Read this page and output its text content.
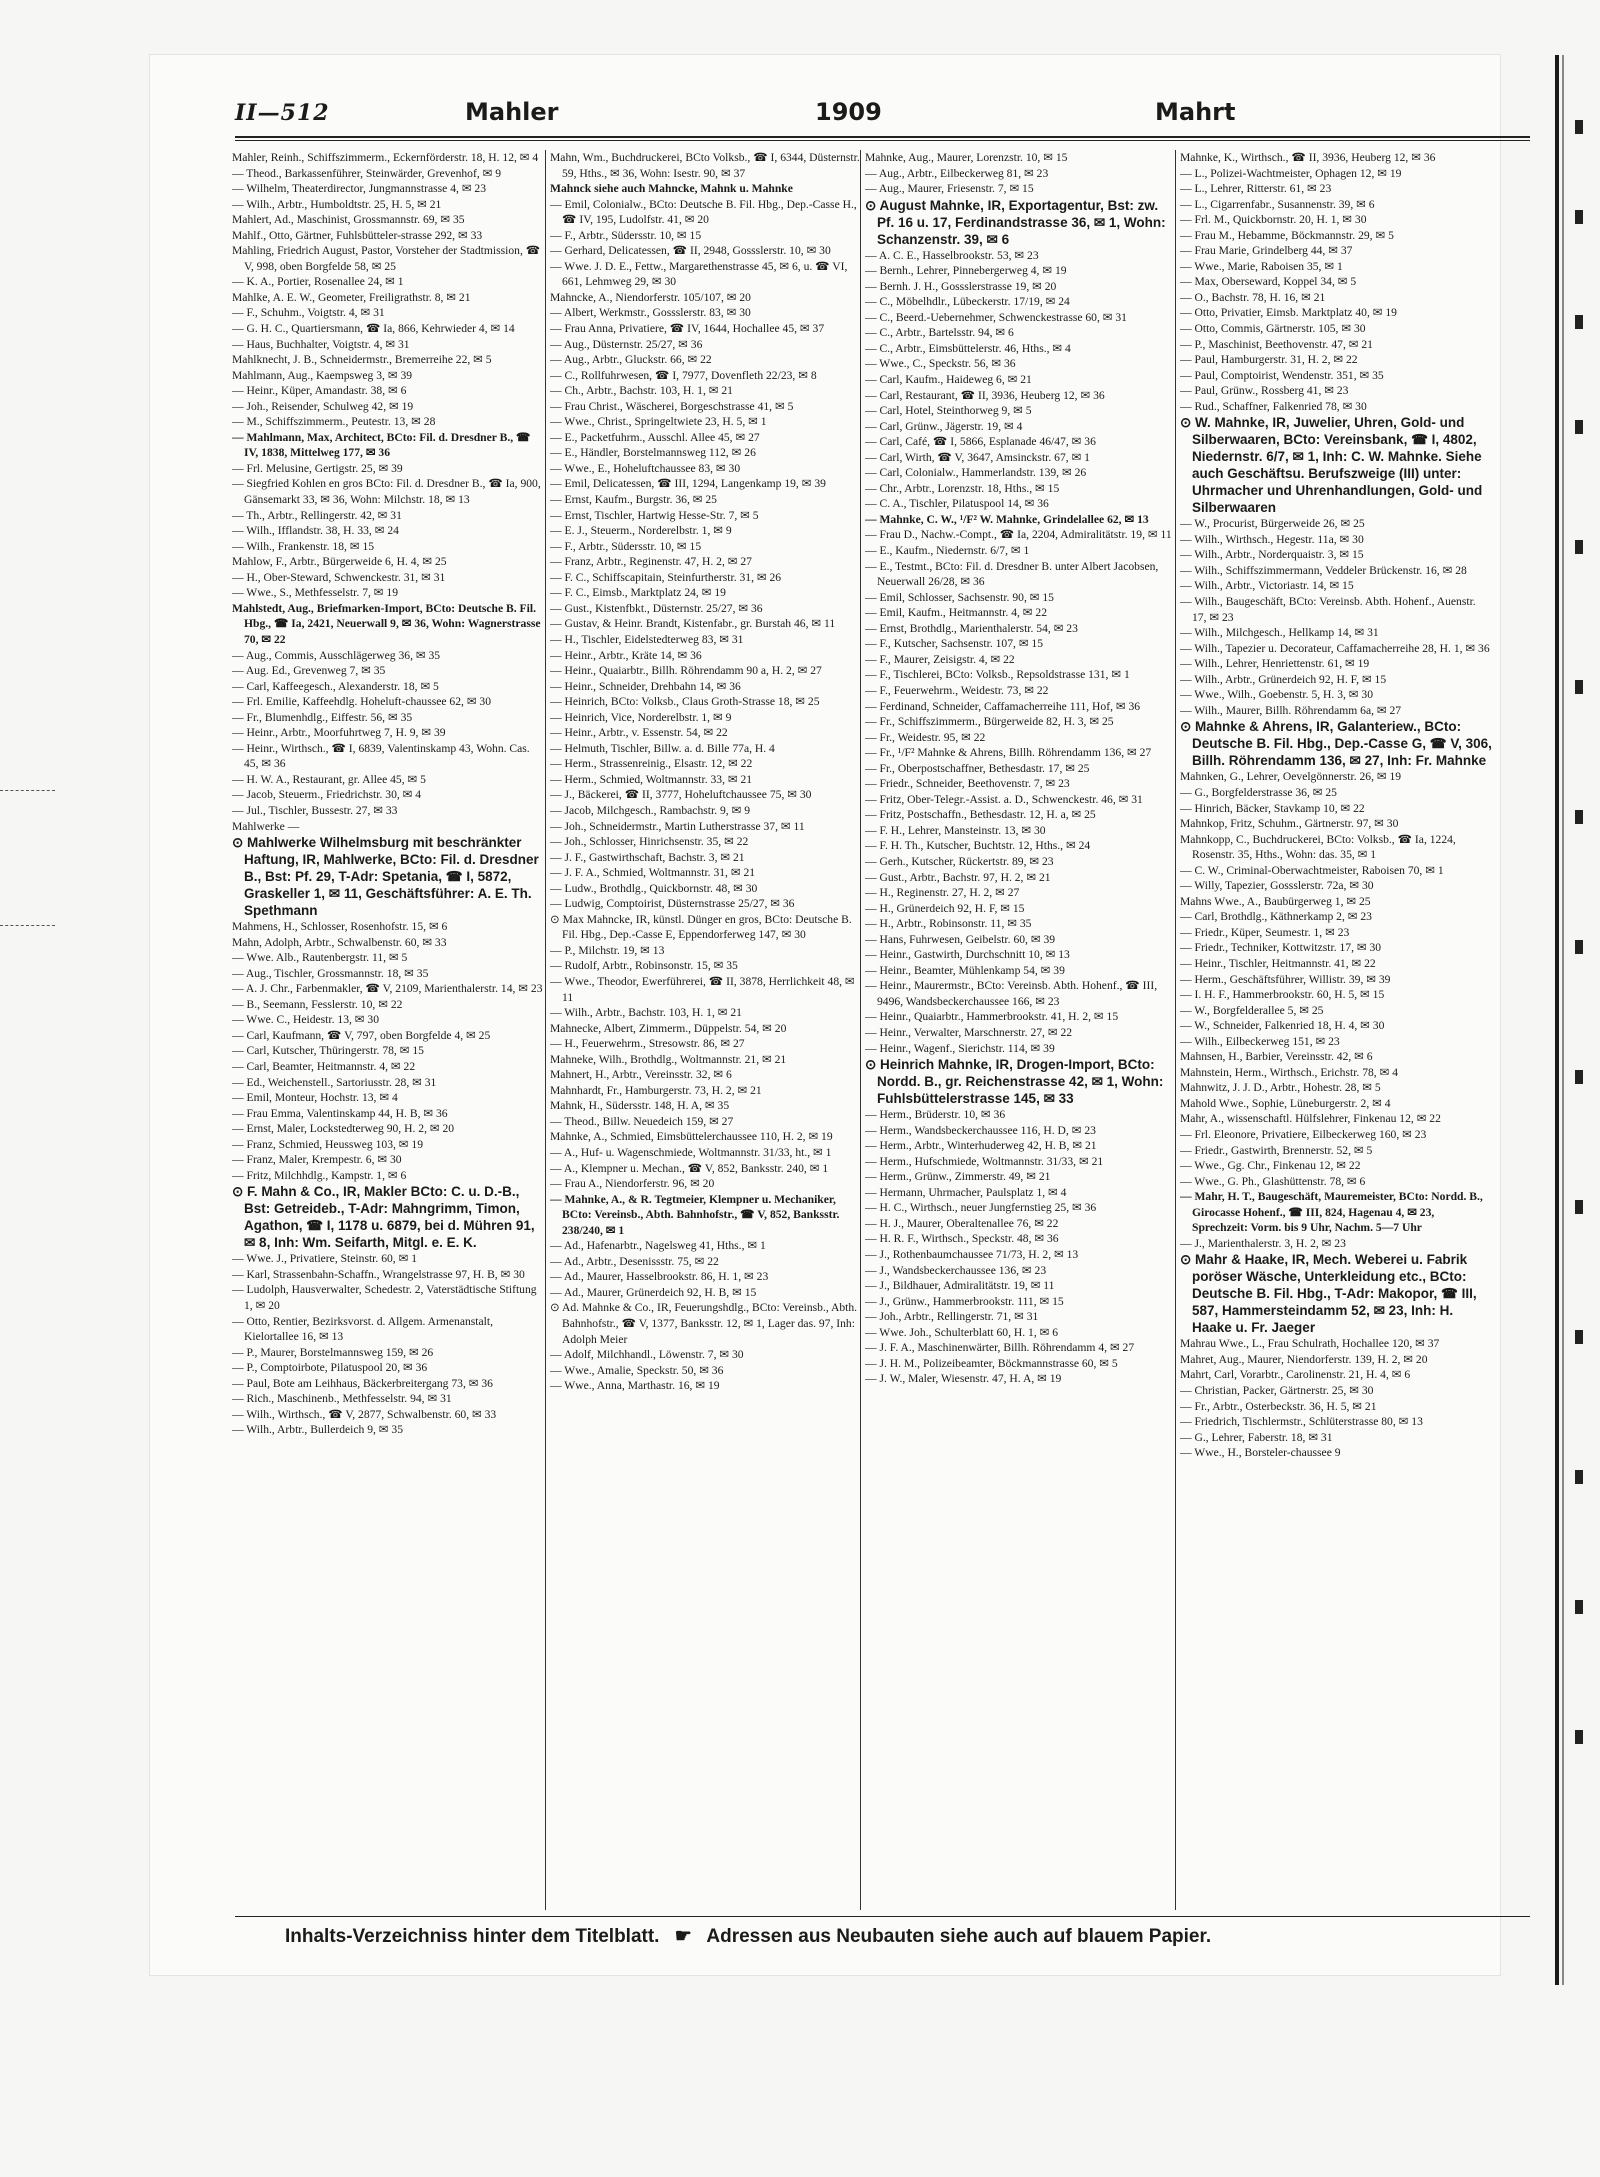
II—512	Mahler	1909	Mahrt
Mahler, Reinh., Schiffszimmerm., Eckernförderstr. 18, H. 12, ✉ 4
— Theod., Barkassenführer, Steinwärder, Grevenhof, ✉ 9
— Wilhelm, Theaterdirector, Jungmannstrasse 4, ✉ 23
— Wilh., Arbtr., Humboldtstr. 25, H. 5, ✉ 21
Mahlert, Ad., Maschinist, Grossmannstr. 69, ✉ 35
Mahlf., Otto, Gärtner, Fuhlsbütteler-strasse 292, ✉ 33
Mahling, Friedrich August, Pastor, Vorsteher der Stadtmission, ☎ V, 998, oben Borgfelde 58, ✉ 25
— K. A., Portier, Rosenallee 24, ✉ 1
Mahlke, A. E. W., Geometer, Freiligrathstr. 8, ✉ 21
— F., Schuhm., Voigtstr. 4, ✉ 31
— G. H. C., Quartiersmann, ☎ Ia, 866, Kehrwieder 4, ✉ 14
— Haus, Buchhalter, Voigtstr. 4, ✉ 31
Mahlknecht, J. B., Schneidermstr., Bremerreihe 22, ✉ 5
Mahlmann, Aug., Kaempsweg 3, ✉ 39
— Heinr., Küper, Amandastr. 38, ✉ 6
— Joh., Reisender, Schulweg 42, ✉ 19
— M., Schiffszimmerm., Peutestr. 13, ✉ 28
— Mahlmann, Max, Architect, BCto: Fil. d. Dresdner B., ☎ IV, 1838, Mittelweg 177, ✉ 36
— Frl. Melusine, Gertigstr. 25, ✉ 39
— Siegfried Kohlen en gros BCto: Fil. d. Dresdner B., ☎ Ia, 900, Gänsemarkt 33, ✉ 36, Wohn: Milchstr. 18, ✉ 13
— Th., Arbtr., Rellingerstr. 42, ✉ 31
— Wilh., Ifflandstr. 38, H. 33, ✉ 24
— Wilh., Frankenstr. 18, ✉ 15
Mahlow, F., Arbtr., Bürgerweide 6, H. 4, ✉ 25
— H., Ober-Steward, Schwenckestr. 31, ✉ 31
— Wwe., S., Methfesselstr. 7, ✉ 19
Mahlstedt, Aug., Briefmarken-Import, BCto: Deutsche B. Fil. Hbg., ☎ Ia, 2421, Neuerwall 9, ✉ 36, Wohn: Wagnerstrasse 70, ✉ 22
— Aug., Commis, Ausschlägerweg 36, ✉ 35
— Aug. Ed., Grevenweg 7, ✉ 35
— Carl, Kaffeegesch., Alexanderstr. 18, ✉ 5
— Frl. Emilie, Kaffeehdlg. Hoheluft-chaussee 62, ✉ 30
— Fr., Blumenhdlg., Eiffestr. 56, ✉ 35
— Heinr., Arbtr., Moorfuhrtweg 7, H. 9, ✉ 39
— Heinr., Wirthsch., ☎ I, 6839, Valentinskamp 43, Wohn. Cas. 45, ✉ 36
— H. W. A., Restaurant, gr. Allee 45, ✉ 5
— Jacob, Steuerm., Friedrichstr. 30, ✉ 4
— Jul., Tischler, Bussestr. 27, ✉ 33
Mahlwerke —
⊙ Mahlwerke Wilhelmsburg mit beschränkter Haftung, IR, Mahlwerke, BCto: Fil. d. Dresdner B., Bst: Pf. 29, T-Adr: Spetania, ☎ I, 5872, Graskeller 1, ✉ 11, Geschäftsführer: A. E. Th. Spethmann
Mahmens, H., Schlosser, Rosenhofstr. 15, ✉ 6
Mahn, Adolph, Arbtr., Schwalbenstr. 60, ✉ 33
— Wwe. Alb., Rautenbergstr. 11, ✉ 5
— Aug., Tischler, Grossmannstr. 18, ✉ 35
— A. J. Chr., Farbenmakler, ☎ V, 2109, Marienthalerstr. 14, ✉ 23
— B., Seemann, Fesslerstr. 10, ✉ 22
— Wwe. C., Heidestr. 13, ✉ 30
— Carl, Kaufmann, ☎ V, 797, oben Borgfelde 4, ✉ 25
— Carl, Kutscher, Thüringerstr. 78, ✉ 15
— Carl, Beamter, Heitmannstr. 4, ✉ 22
— Ed., Weichenstell., Sartoriusstr. 28, ✉ 31
— Emil, Monteur, Hochstr. 13, ✉ 4
— Frau Emma, Valentinskamp 44, H. B, ✉ 36
— Ernst, Maler, Lockstedterweg 90, H. 2, ✉ 20
— Franz, Schmied, Heussweg 103, ✉ 19
— Franz, Maler, Krempestr. 6, ✉ 30
— Fritz, Milchhdlg., Kampstr. 1, ✉ 6
⊙ F. Mahn & Co., IR, Makler BCto: C. u. D.-B., Bst: Getreideb., T-Adr: Mahngrimm, Timon, Agathon, ☎ I, 1178 u. 6879, bei d. Mühren 91, ✉ 8, Inh: Wm. Seifarth, Mitgl. e. E. K.
— Wwe. J., Privatiere, Steinstr. 60, ✉ 1
— Karl, Strassenbahn-Schaffn., Wrangelstrasse 97, H. B, ✉ 30
— Ludolph, Hausverwalter, Schedestr. 2, Vaterstädtische Stiftung 1, ✉ 20
— Otto, Rentier, Bezirksvorst. d. Allgem. Armenanstalt, Kielortallee 16, ✉ 13
— P., Maurer, Borstelmannsweg 159, ✉ 26
— P., Comptoirbote, Pilatuspool 20, ✉ 36
— Paul, Bote am Leihhaus, Bäckerbreitergang 73, ✉ 36
— Rich., Maschinenb., Methfesselstr. 94, ✉ 31
— Wilh., Wirthsch., ☎ V, 2877, Schwalbenstr. 60, ✉ 33
— Wilh., Arbtr., Bullerdeich 9, ✉ 35
Mahn, Wm., Buchdruckerei, BCto Volksb., ☎ I, 6344, Düsternstr. 59, Hths., ✉ 36, Wohn: Isestr. 90, ✉ 37
Mahnck siehe auch Mahncke, Mahnk u. Mahnke
— Emil, Colonialw., BCto: Deutsche B. Fil. Hbg., Dep.-Casse H., ☎ IV, 195, Ludolfstr. 41, ✉ 20
— F., Arbtr., Südersstr. 10, ✉ 15
— Gerhard, Delicatessen, ☎ II, 2948, Gossslerstr. 10, ✉ 30
— Wwe. J. D. E., Fettw., Margarethenstrasse 45, ✉ 6, u. ☎ VI, 661, Lehmweg 29, ✉ 30
Mahncke, A., Niendorferstr. 105/107, ✉ 20
— Albert, Werkmstr., Gossslerstr. 83, ✉ 30
— Frau Anna, Privatiere, ☎ IV, 1644, Hochallee 45, ✉ 37
— Aug., Düsternstr. 25/27, ✉ 36
— Aug., Arbtr., Gluckstr. 66, ✉ 22
— C., Rollfuhrwesen, ☎ I, 7977, Dovenfleth 22/23, ✉ 8
— Ch., Arbtr., Bachstr. 103, H. 1, ✉ 21
— Frau Christ., Wäscherei, Borgeschstrasse 41, ✉ 5
— Wwe., Christ., Springeltwiete 23, H. 5, ✉ 1
— E., Packetfuhrm., Ausschl. Allee 45, ✉ 27
— E., Händler, Borstelmannsweg 112, ✉ 26
— Wwe., E., Hoheluftchaussee 83, ✉ 30
— Emil, Delicatessen, ☎ III, 1294, Langenkamp 19, ✉ 39
— Ernst, Kaufm., Burgstr. 36, ✉ 25
— Ernst, Tischler, Hartwig Hesse-Str. 7, ✉ 5
— E. J., Steuerm., Norderelbstr. 1, ✉ 9
— F., Arbtr., Südersstr. 10, ✉ 15
— Franz, Arbtr., Reginenstr. 47, H. 2, ✉ 27
— F. C., Schiffscapitain, Steinfurtherstr. 31, ✉ 26
— F. C., Eimsb., Marktplatz 24, ✉ 19
— Gust., Kistenfbkt., Düsternstr. 25/27, ✉ 36
— Gustav, & Heinr. Brandt, Kistenfabr., gr. Burstah 46, ✉ 11
— H., Tischler, Eidelstedterweg 83, ✉ 31
— Heinr., Arbtr., Kräte 14, ✉ 36
— Heinr., Quaiarbtr., Billh. Röhrendamm 90 a, H. 2, ✉ 27
— Heinr., Schneider, Drehbahn 14, ✉ 36
— Heinrich, BCto: Volksb., Claus Groth-Strasse 18, ✉ 25
— Heinrich, Vice, Norderelbstr. 1, ✉ 9
— Heinr., Arbtr., v. Essenstr. 54, ✉ 22
— Helmuth, Tischler, Billw. a. d. Bille 77a, H. 4
— Herm., Strassenreinig., Elsastr. 12, ✉ 22
— Herm., Schmied, Woltmannstr. 33, ✉ 21
— J., Bäckerei, ☎ II, 3777, Hoheluftchaussee 75, ✉ 30
— Jacob, Milchgesch., Rambachstr. 9, ✉ 9
— Joh., Schneidermstr., Martin Lutherstrasse 37, ✉ 11
— Joh., Schlosser, Hinrichsenstr. 35, ✉ 22
— J. F., Gastwirthschaft, Bachstr. 3, ✉ 21
— J. F. A., Schmied, Woltmannstr. 31, ✉ 21
— Ludw., Brothdlg., Quickbornstr. 48, ✉ 30
— Ludwig, Comptoirist, Düsternstrasse 25/27, ✉ 36
⊙ Max Mahncke, IR, künstl. Dünger en gros, BCto: Deutsche B. Fil. Hbg., Dep.-Casse E, Eppendorferweg 147, ✉ 30
— P., Milchstr. 19, ✉ 13
— Rudolf, Arbtr., Robinsonstr. 15, ✉ 35
— Wwe., Theodor, Ewerführerei, ☎ II, 3878, Herrlichkeit 48, ✉ 11
— Wilh., Arbtr., Bachstr. 103, H. 1, ✉ 21
Mahnecke, Albert, Zimmerm., Düppelstr. 54, ✉ 20
— H., Feuerwehrm., Stresowstr. 86, ✉ 27
Mahneke, Wilh., Brothdlg., Woltmannstr. 21, ✉ 21
Mahnert, H., Arbtr., Vereinsstr. 32, ✉ 6
Mahnhardt, Fr., Hamburgerstr. 73, H. 2, ✉ 21
Mahnk, H., Südersstr. 148, H. A, ✉ 35
— Theod., Billw. Neuedeich 159, ✉ 27
Mahnke, A., Schmied, Eimsbüttelerchaussee 110, H. 2, ✉ 19
— A., Huf- u. Wagenschmiede, Woltmannstr. 31/33, ht., ✉ 1
— A., Klempner u. Mechan., ☎ V, 852, Banksstr. 240, ✉ 1
— Frau A., Niendorferstr. 96, ✉ 20
— Mahnke, A., & R. Tegtmeier, Klempner u. Mechaniker, BCto: Vereinsb., Abth. Bahnhofstr., ☎ V, 852, Banksstr. 238/240, ✉ 1
— Ad., Hafenarbtr., Nagelsweg 41, Hths., ✉ 1
— Ad., Arbtr., Desenissstr. 75, ✉ 22
— Ad., Maurer, Hasselbrookstr. 86, H. 1, ✉ 23
— Ad., Maurer, Grünerdeich 92, H. B, ✉ 15
⊙ Ad. Mahnke & Co., IR, Feuerungshdlg., BCto: Vereinsb., Abth. Bahnhofstr., ☎ V, 1377, Banksstr. 12, ✉ 1, Lager das. 97, Inh: Adolph Meier
— Adolf, Milchhandl., Löwenstr. 7, ✉ 30
— Wwe., Amalie, Speckstr. 50, ✉ 36
— Wwe., Anna, Marthastr. 16, ✉ 19
Mahnke, Aug., Maurer, Lorenzstr. 10, ✉ 15
— Aug., Arbtr., Eilbeckerweg 81, ✉ 23
— Aug., Maurer, Friesenstr. 7, ✉ 15
⊙ August Mahnke, IR, Exportagentur, Bst: zw. Pf. 16 u. 17, Ferdinandstrasse 36, ✉ 1, Wohn: Schanzenstr. 39, ✉ 6
— A. C. E., Hasselbrookstr. 53, ✉ 23
— Bernh., Lehrer, Pinnebergerweg 4, ✉ 19
— Bernh. J. H., Gossslerstrasse 19, ✉ 20
— C., Möbelhdlr., Lübeckerstr. 17/19, ✉ 24
— C., Beerd.-Uebernehmer, Schwenckestrasse 60, ✉ 31
— C., Arbtr., Bartelsstr. 94, ✉ 6
— C., Arbtr., Eimsbüttelerstr. 46, Hths., ✉ 4
— Wwe., C., Speckstr. 56, ✉ 36
— Carl, Kaufm., Haideweg 6, ✉ 21
— Carl, Restaurant, ☎ II, 3936, Heuberg 12, ✉ 36
— Carl, Hotel, Steinthorweg 9, ✉ 5
— Carl, Grünw., Jägerstr. 19, ✉ 4
— Carl, Café, ☎ I, 5866, Esplanade 46/47, ✉ 36
— Carl, Wirth, ☎ V, 3647, Amsinckstr. 67, ✉ 1
— Carl, Colonialw., Hammerlandstr. 139, ✉ 26
— Chr., Arbtr., Lorenzstr. 18, Hths., ✉ 15
— C. A., Tischler, Pilatuspool 14, ✉ 36
— Mahnke, C. W., ¹/F² W. Mahnke, Grindelallee 62, ✉ 13
— Frau D., Nachw.-Compt., ☎ Ia, 2204, Admiralitätstr. 19, ✉ 11
— E., Kaufm., Niedernstr. 6/7, ✉ 1
— E., Testmt., BCto: Fil. d. Dresdner B. unter Albert Jacobsen, Neuerwall 26/28, ✉ 36
— Emil, Schlosser, Sachsenstr. 90, ✉ 15
— Emil, Kaufm., Heitmannstr. 4, ✉ 22
— Ernst, Brothdlg., Marienthalerstr. 54, ✉ 23
— F., Kutscher, Sachsenstr. 107, ✉ 15
— F., Maurer, Zeisigstr. 4, ✉ 22
— F., Tischlerei, BCto: Volksb., Repsoldstrasse 131, ✉ 1
— F., Feuerwehrm., Weidestr. 73, ✉ 22
— Ferdinand, Schneider, Caffamacherreihe 111, Hof, ✉ 36
— Fr., Schiffszimmerm., Bürgerweide 82, H. 3, ✉ 25
— Fr., Weidestr. 95, ✉ 22
— Fr., ¹/F² Mahnke & Ahrens, Billh. Röhrendamm 136, ✉ 27
— Fr., Oberpostschaffner, Bethesdastr. 17, ✉ 25
— Friedr., Schneider, Beethovenstr. 7, ✉ 23
— Fritz, Ober-Telegr.-Assist. a. D., Schwenckestr. 46, ✉ 31
— Fritz, Postschaffn., Bethesdastr. 12, H. a, ✉ 25
— F. H., Lehrer, Mansteinstr. 13, ✉ 30
— F. H. Th., Kutscher, Buchtstr. 12, Hths., ✉ 24
— Gerh., Kutscher, Rückertstr. 89, ✉ 23
— Gust., Arbtr., Bachstr. 97, H. 2, ✉ 21
— H., Reginenstr. 27, H. 2, ✉ 27
— H., Grünerdeich 92, H. F, ✉ 15
— H., Arbtr., Robinsonstr. 11, ✉ 35
— Hans, Fuhrwesen, Geibelstr. 60, ✉ 39
— Heinr., Gastwirth, Durchschnitt 10, ✉ 13
— Heinr., Beamter, Mühlenkamp 54, ✉ 39
— Heinr., Maurermstr., BCto: Vereinsb. Abth. Hohenf., ☎ III, 9496, Wandsbeckerchaussee 166, ✉ 23
— Heinr., Quaiarbtr., Hammerbrookstr. 41, H. 2, ✉ 15
— Heinr., Verwalter, Marschnerstr. 27, ✉ 22
— Heinr., Wagenf., Sierichstr. 114, ✉ 39
⊙ Heinrich Mahnke, IR, Drogen-Import, BCto: Nordd. B., gr. Reichenstrasse 42, ✉ 1, Wohn: Fuhlsbüttelerstrasse 145, ✉ 33
— Herm., Brüderstr. 10, ✉ 36
— Herm., Wandsbeckerchaussee 116, H. D, ✉ 23
— Herm., Arbtr., Winterhuderweg 42, H. B, ✉ 21
— Herm., Hufschmiede, Woltmannstr. 31/33, ✉ 21
— Herm., Grünw., Zimmerstr. 49, ✉ 21
— Hermann, Uhrmacher, Paulsplatz 1, ✉ 4
— H. C., Wirthsch., neuer Jungfernstieg 25, ✉ 36
— H. J., Maurer, Oberaltenallee 76, ✉ 22
— H. R. F., Wirthsch., Speckstr. 48, ✉ 36
— J., Rothenbaumchaussee 71/73, H. 2, ✉ 13
— J., Wandsbeckerchaussee 136, ✉ 23
— J., Bildhauer, Admiralitätstr. 19, ✉ 11
— J., Grünw., Hammerbrookstr. 111, ✉ 15
— Joh., Arbtr., Rellingerstr. 71, ✉ 31
— Wwe. Joh., Schulterblatt 60, H. 1, ✉ 6
— J. F. A., Maschinenwärter, Billh. Röhrendamm 4, ✉ 27
— J. H. M., Polizeibeamter, Böckmannstrasse 60, ✉ 5
— J. W., Maler, Wiesenstr. 47, H. A, ✉ 19
Mahnke, K., Wirthsch., ☎ II, 3936, Heuberg 12, ✉ 36
— L., Polizei-Wachtmeister, Ophagen 12, ✉ 19
— L., Lehrer, Ritterstr. 61, ✉ 23
— L., Cigarrenfabr., Susannenstr. 39, ✉ 6
— Frl. M., Quickbornstr. 20, H. 1, ✉ 30
— Frau M., Hebamme, Böckmannstr. 29, ✉ 5
— Frau Marie, Grindelberg 44, ✉ 37
— Wwe., Marie, Raboisen 35, ✉ 1
— Max, Oberseward, Koppel 34, ✉ 5
— O., Bachstr. 78, H. 16, ✉ 21
— Otto, Privatier, Eimsb. Marktplatz 40, ✉ 19
— Otto, Commis, Gärtnerstr. 105, ✉ 30
— P., Maschinist, Beethovenstr. 47, ✉ 21
— Paul, Hamburgerstr. 31, H. 2, ✉ 22
— Paul, Comptoirist, Wendenstr. 351, ✉ 35
— Paul, Grünw., Rossberg 41, ✉ 23
— Rud., Schaffner, Falkenried 78, ✉ 30
⊙ W. Mahnke, IR, Juwelier, Uhren, Gold- und Silberwaaren, BCto: Vereinsbank, ☎ I, 4802, Niedernstr. 6/7, ✉ 1, Inh: C. W. Mahnke. Siehe auch Geschäftsu. Berufszweige (III) unter: Uhrmacher und Uhrenhandlungen, Gold- und Silberwaaren
— W., Procurist, Bürgerweide 26, ✉ 25
— Wilh., Wirthsch., Hegestr. 11a, ✉ 30
— Wilh., Arbtr., Norderquaistr. 3, ✉ 15
— Wilh., Schiffszimmermann, Veddeler Brückenstr. 16, ✉ 28
— Wilh., Arbtr., Victoriastr. 14, ✉ 15
— Wilh., Baugeschäft, BCto: Vereinsb. Abth. Hohenf., Auenstr. 17, ✉ 23
— Wilh., Milchgesch., Hellkamp 14, ✉ 31
— Wilh., Tapezier u. Decorateur, Caffamacherreihe 28, H. 1, ✉ 36
— Wilh., Lehrer, Henriettenstr. 61, ✉ 19
— Wilh., Arbtr., Grünerdeich 92, H. F, ✉ 15
— Wwe., Wilh., Goebenstr. 5, H. 3, ✉ 30
— Wilh., Maurer, Billh. Röhrendamm 6a, ✉ 27
⊙ Mahnke & Ahrens, IR, Galanteriew., BCto: Deutsche B. Fil. Hbg., Dep.-Casse G, ☎ V, 306, Billh. Röhrendamm 136, ✉ 27, Inh: Fr. Mahnke
Mahnken, G., Lehrer, Oevelgönnerstr. 26, ✉ 19
— G., Borgfelderstrasse 36, ✉ 25
— Hinrich, Bäcker, Stavkamp 10, ✉ 22
Mahnkop, Fritz, Schuhm., Gärtnerstr. 97, ✉ 30
Mahnkopp, C., Buchdruckerei, BCto: Volksb., ☎ Ia, 1224, Rosenstr. 35, Hths., Wohn: das. 35, ✉ 1
— C. W., Criminal-Oberwachtmeister, Raboisen 70, ✉ 1
— Willy, Tapezier, Gossslerstr. 72a, ✉ 30
Mahns Wwe., A., Baubürgerweg 1, ✉ 25
— Carl, Brothdlg., Käthnerkamp 2, ✉ 23
— Friedr., Küper, Seumestr. 1, ✉ 23
— Friedr., Techniker, Kottwitzstr. 17, ✉ 30
— Heinr., Tischler, Heitmannstr. 41, ✉ 22
— Herm., Geschäftsführer, Willistr. 39, ✉ 39
— I. H. F., Hammerbrookstr. 60, H. 5, ✉ 15
— W., Borgfelderallee 5, ✉ 25
— W., Schneider, Falkenried 18, H. 4, ✉ 30
— Wilh., Eilbeckerweg 151, ✉ 23
Mahnsen, H., Barbier, Vereinsstr. 42, ✉ 6
Mahnstein, Herm., Wirthsch., Erichstr. 78, ✉ 4
Mahnwitz, J. J. D., Arbtr., Hohestr. 28, ✉ 5
Mahold Wwe., Sophie, Lüneburgerstr. 2, ✉ 4
Mahr, A., wissenschaftl. Hülfslehrer, Finkenau 12, ✉ 22
— Frl. Eleonore, Privatiere, Eilbeckerweg 160, ✉ 23
— Friedr., Gastwirth, Brennerstr. 52, ✉ 5
— Wwe., Gg. Chr., Finkenau 12, ✉ 22
— Wwe., G. Ph., Glashüttenstr. 78, ✉ 6
— Mahr, H. T., Baugeschäft, Mauremeister, BCto: Nordd. B., Girocasse Hohenf., ☎ III, 824, Hagenau 4, ✉ 23, Sprechzeit: Vorm. bis 9 Uhr, Nachm. 5—7 Uhr
— J., Marienthalerstr. 3, H. 2, ✉ 23
⊙ Mahr & Haake, IR, Mech. Weberei u. Fabrik poröser Wäsche, Unterkleidung etc., BCto: Deutsche B. Fil. Hbg., T-Adr: Makopor, ☎ III, 587, Hammersteindamm 52, ✉ 23, Inh: H. Haake u. Fr. Jaeger
Mahrau Wwe., L., Frau Schulrath, Hochallee 120, ✉ 37
Mahret, Aug., Maurer, Niendorferstr. 139, H. 2, ✉ 20
Mahrt, Carl, Vorarbtr., Carolinenstr. 21, H. 4, ✉ 6
— Christian, Packer, Gärtnerstr. 25, ✉ 30
— Fr., Arbtr., Osterbeckstr. 36, H. 5, ✉ 21
— Friedrich, Tischlermstr., Schlüterstrasse 80, ✉ 13
— G., Lehrer, Faberstr. 18, ✉ 31
— Wwe., H., Borsteler-chaussee 9
Inhalts-Verzeichniss hinter dem Titelblatt. ☛ Adressen aus Neubauten siehe auch auf blauem Papier.
